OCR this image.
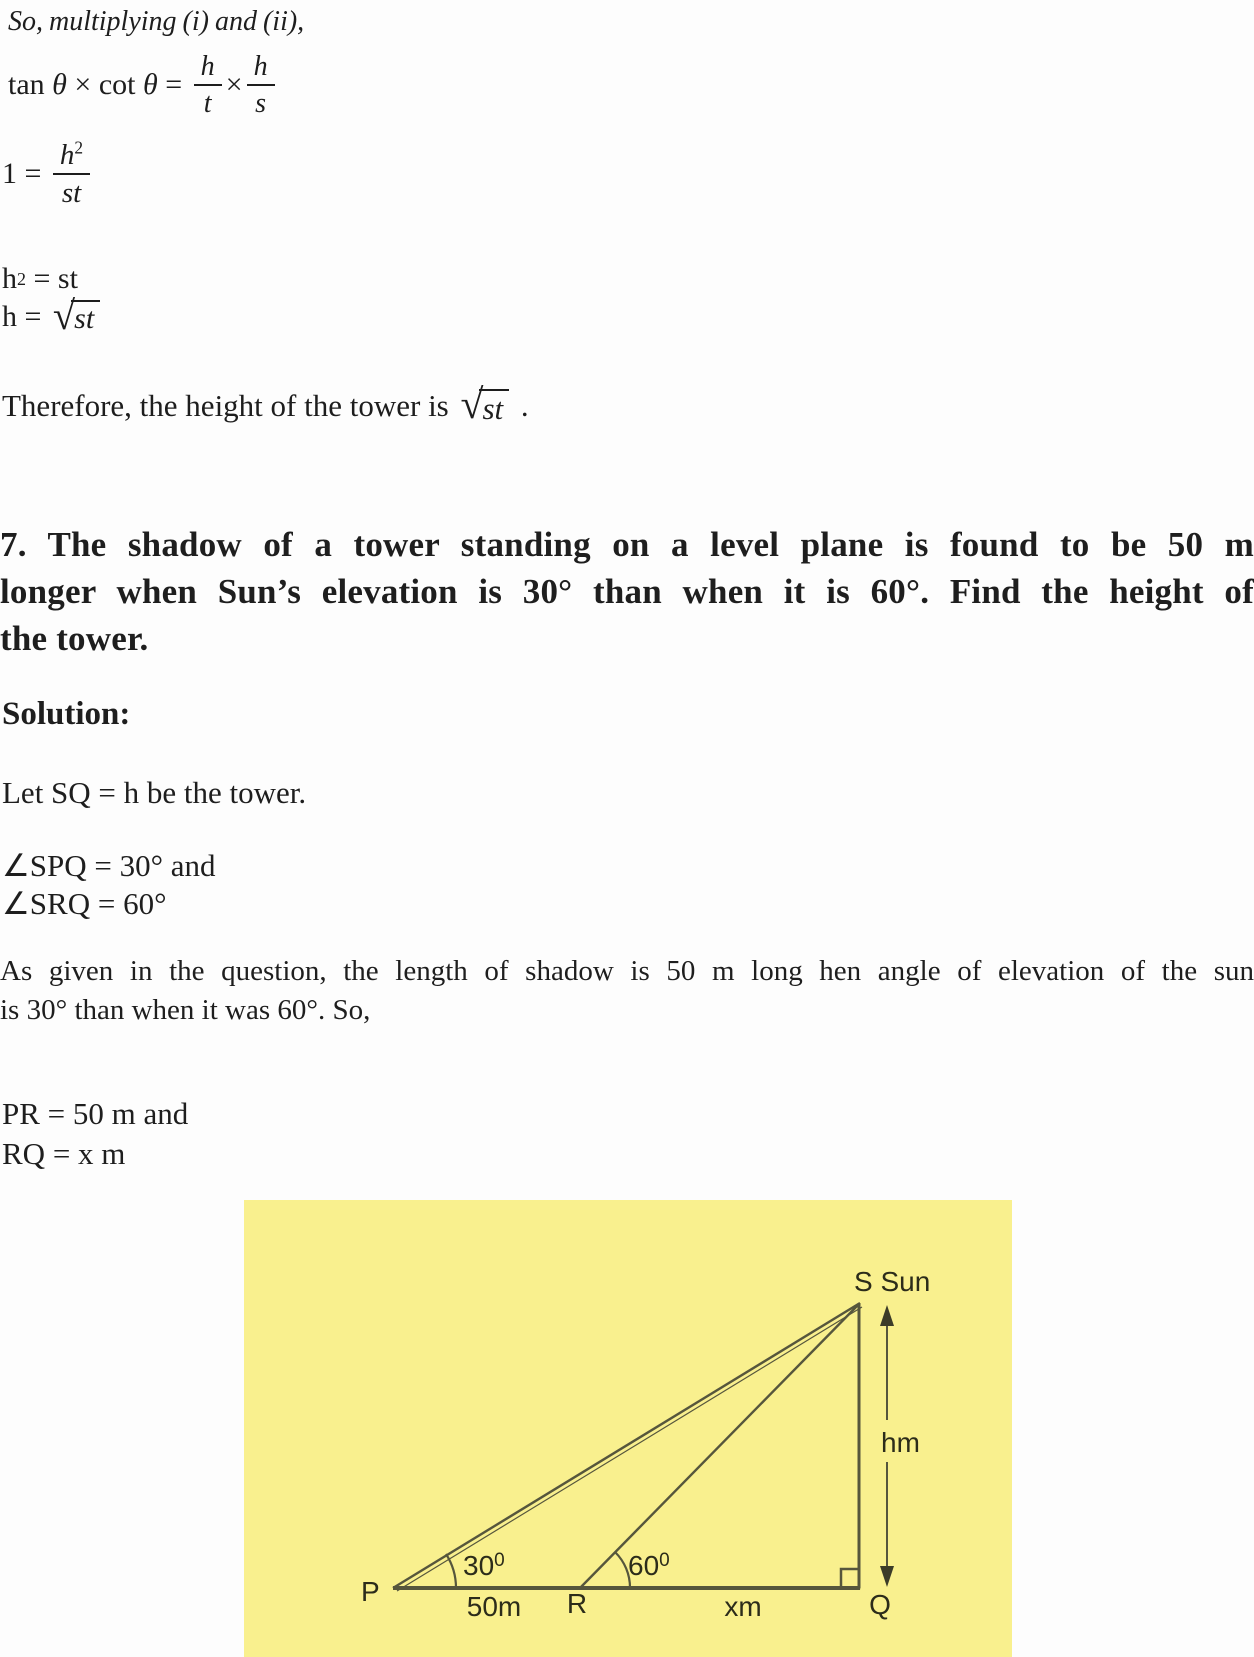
So, multiplying (i) and (ii),
$\tan \theta \times \cot \theta = \frac{h}{t} \times \frac{h}{s}$
$1 = \frac{h^2}{st}$
h 2 = st
h = √ st
Therefore, the height of the tower is √ st .
7. The shadow of a tower standing on a level plane is found to be 50 m
longer when Sun’s elevation is 30° than when it is 60°. Find the height of
the tower.
Solution:
Let SQ = h be the tower.
∠SPQ = 30° and
∠SRQ = 60°
As given in the question, the length of shadow is 50 m long hen angle of elevation of the sun
is 30° than when it was 60°. So,
PR = 50 m and
RQ = x m
S Sun
hm
P	50m R	xm	Q
$30^0$	$60^0$
